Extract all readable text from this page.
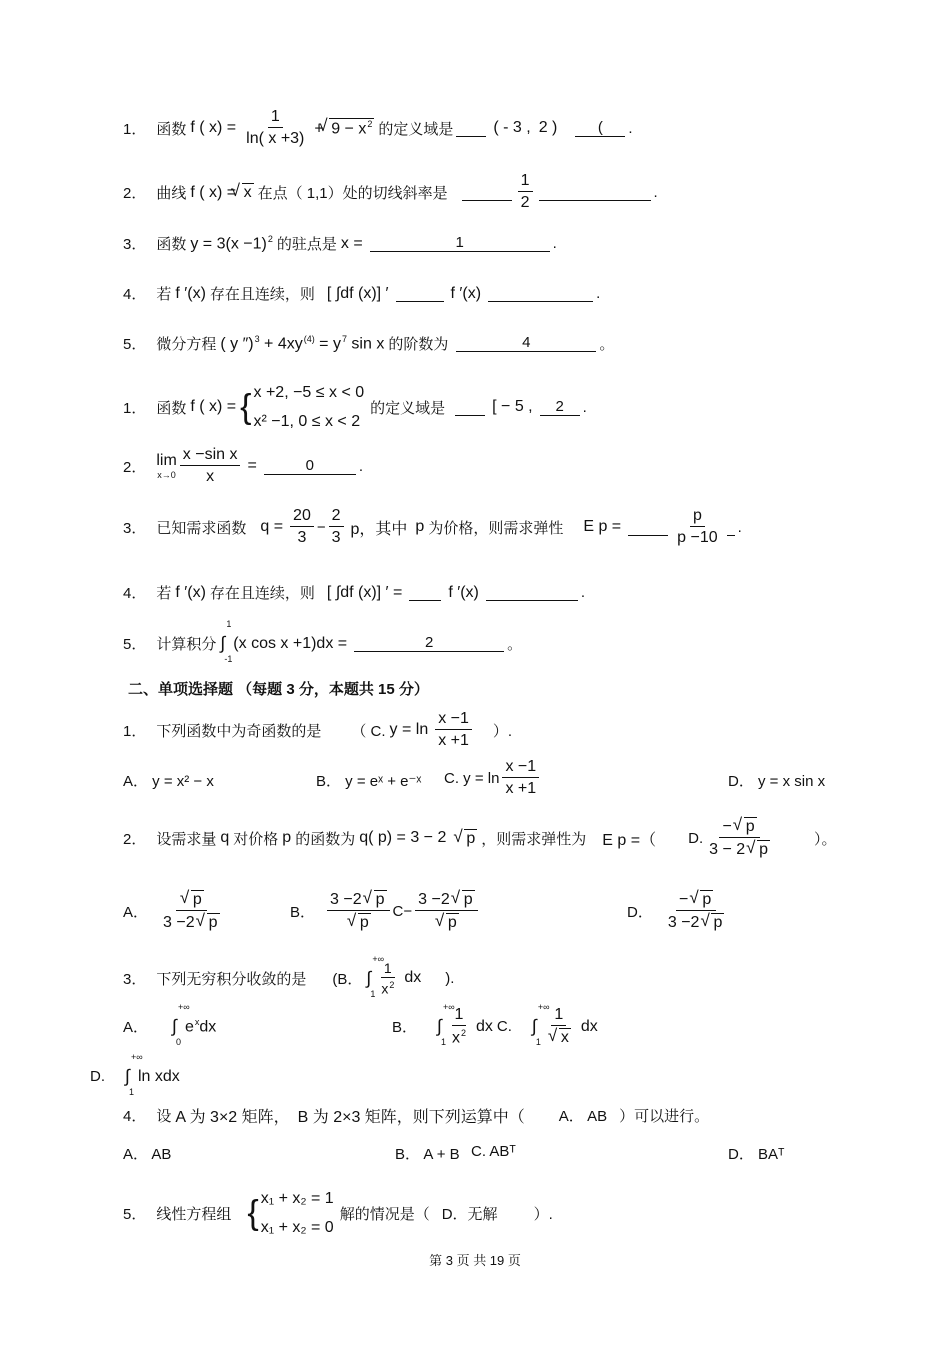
1． 函数 f ( $x) = \frac{1}{\ln( x +3)}$ + √ $9 - x^2$ 的定义域是	( - 3 , 2 )	(	.
2． 曲线 f ( x) = √ x 在点（ 1,1）处的切线斜率是	$\frac{1}{2}$	.
3． 函数 $y = 3(x -1)^2$ 的驻点是 x =	1	.
4． 若 f ′(x) 存在且连续，则 [ ∫df (x)] ′	f ′(x)	.
5． 微分方程 ( y $'')^3 + 4xy^{(4)} = y^7$ sin x 的阶数为	4	。
1． 函数 f ( x) = { x +2, −5 ≤ x < 0
x² −1, 0 ≤ x < 2
的定义域是	[ − 5 ,	2	.
2． lim
$x\to 0 \frac{\text{x −sin x}}{x}$ =	0	.
3． 已知需求函数 $q = \frac{20}{3} - \frac{2}{3}$ p，其中 p 为价格，则需求弹性 E p =	$\frac{p}{p -10}$ .
4． 若 f ′(x) 存在且连续，则 [ ∫df (x)] ′ =	f ′(x)	.
5． 计算积分 ∫
1
-1
(x cos x +1)dx =	2	。
二、单项选择题 （每题 3 分，本题共 15 分）
1． 下列函数中为奇函数的是 （ C. $y = \ln \frac{x -1}{x +1}$ ）.
A． y = x² − x	B． y = eˣ + e⁻ˣ C. $y = \ln \frac{x -1}{x +1}$	D． y = x sin x
2． 设需求量 q 对价格 p 的函数为 q( p) = 3 − 2	√ p ，则需求弹性为 E p =（ D. $\frac{- √ p}{3 - 2 √ p}$	）。
A． √ $\frac{p}{3 -2 √ p}$	B． 3 −2 √ p
√ p C − 3 −2 √ p
√ p	D． $\frac{- √ p}{3 -2 √ p}$
3． 下列无穷积分收敛的是 (B． ∫
+∞
$1 \frac{1}{x^2}$ dx ).
A． ∫
+∞
0
$e^xdx$	B． ∫
+∞
$1 \frac{1}{x^2}$ dx C. ∫
+∞
1 1
√ x dx
D. ∫
+∞
1
ln xdx
4． 设 A 为 3×2 矩阵， B 为 2×3 矩阵，则下列运算中（ A． AB ）可以进行。
A． AB	B． A + B C. ABᵀ	D． BAᵀ
5． 线性方程组 { x₁ + x₂ = 1
x₁ + x₂ = 0
解的情况是（ D．无解 ）.
第 3 页 共 19 页
